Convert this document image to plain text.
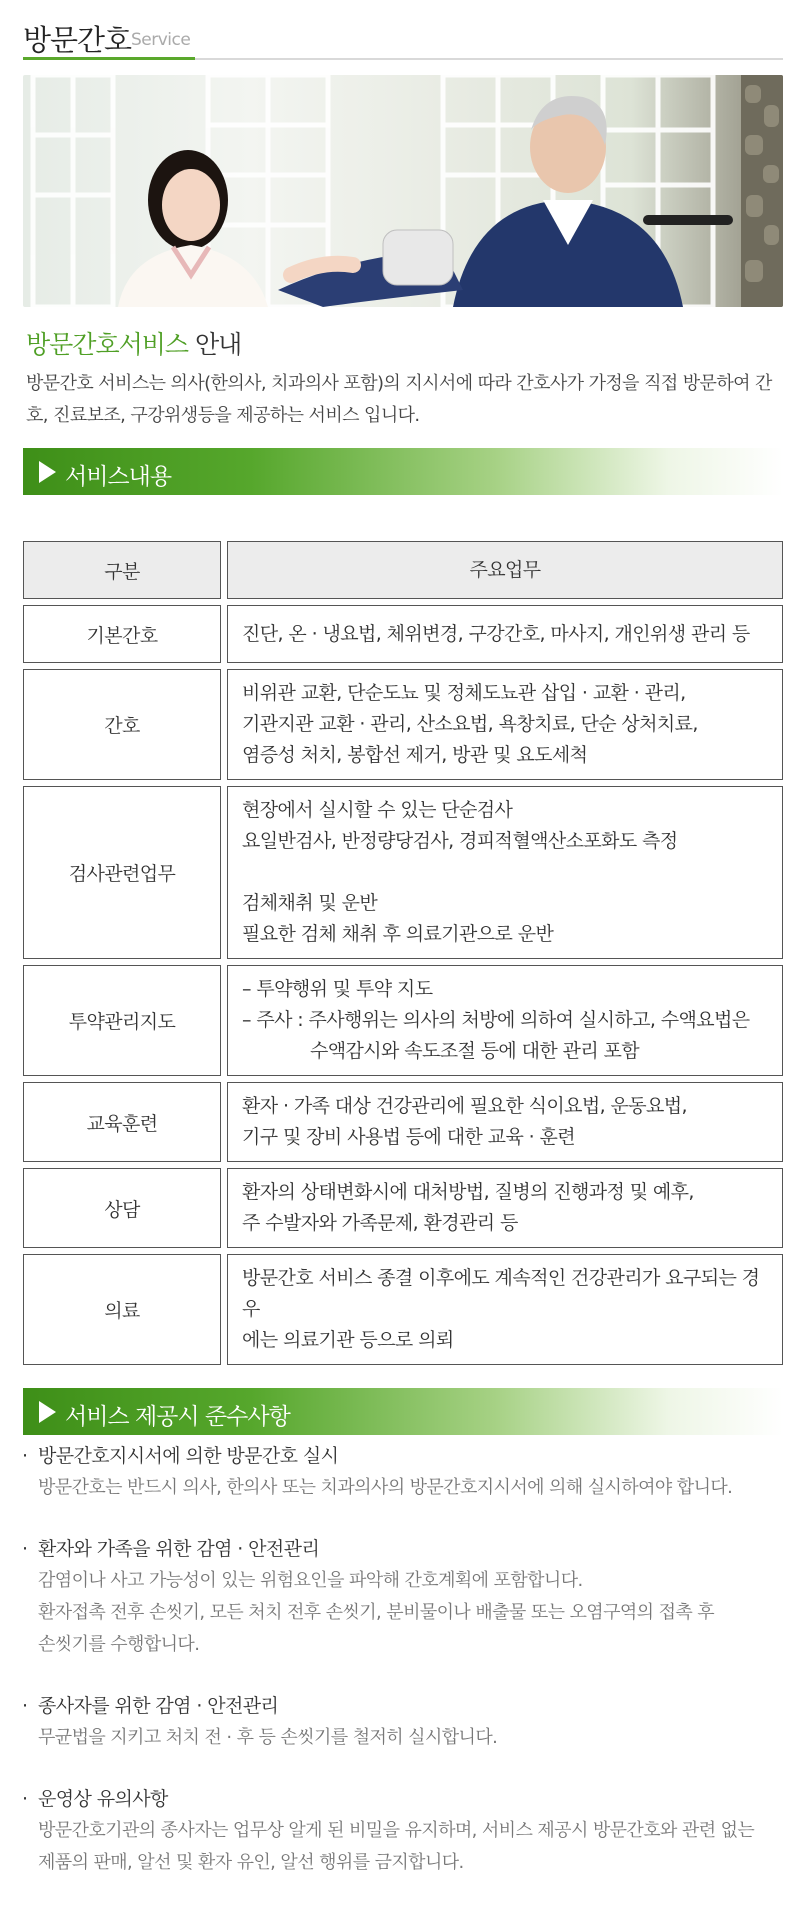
방문간호 Service
방문간호서비스 안내

방문간호 서비스는 의사(한의사, 치과의사 포함)의 지시서에 따라 간호사가 가정을 직접 방문하여 간호, 진료보조, 구강위생등을 제공하는 서비스 입니다.

서비스내용
구분		주요업무
기본간호		진단, 온 · 냉요법, 체위변경, 구강간호, 마사지, 개인위생 관리 등

간호		비위관 교환, 단순도뇨 및 정체도뇨관 삽입 · 교환 · 관리,
기관지관 교환 · 관리, 산소요법, 욕창치료, 단순 상처치료,
염증성 처치, 봉합선 제거, 방관 및 요도세척

검사관련업무		현장에서 실시할 수 있는 단순검사
요일반검사, 반정량당검사, 경피적혈액산소포화도 측정
검체채취 및 운반
필요한 검체 채취 후 의료기관으로 운반

투약관리지도		– 투약행위 및 투약 지도
– 주사 : 주사행위는 의사의 처방에 의하여 실시하고, 수액요법은
수액감시와 속도조절 등에 대한 관리 포함

교육훈련		환자 · 가족 대상 건강관리에 필요한 식이요법, 운동요법,
기구 및 장비 사용법 등에 대한 교육 · 훈련

상담		환자의 상태변화시에 대처방법, 질병의 진행과정 및 예후,
주 수발자와 가족문제, 환경관리 등

의료		방문간호 서비스 종결 이후에도 계속적인 건강관리가 요구되는 경우
에는 의료기관 등으로 의뢰
서비스 제공시 준수사항
· 방문간호지시서에 의한 방문간호 실시
방문간호는 반드시 의사, 한의사 또는 치과의사의 방문간호지시서에 의해 실시하여야 합니다.
· 환자와 가족을 위한 감염 · 안전관리
감염이나 사고 가능성이 있는 위험요인을 파악해 간호계획에 포함합니다.
환자접촉 전후 손씻기, 모든 처치 전후 손씻기, 분비물이나 배출물 또는 오염구역의 접촉 후
손씻기를 수행합니다.
· 종사자를 위한 감염 · 안전관리
무균법을 지키고 처치 전 · 후 등 손씻기를 철저히 실시합니다.
· 운영상 유의사항
방문간호기관의 종사자는 업무상 알게 된 비밀을 유지하며, 서비스 제공시 방문간호와 관련 없는
제품의 판매, 알선 및 환자 유인, 알선 행위를 금지합니다.
